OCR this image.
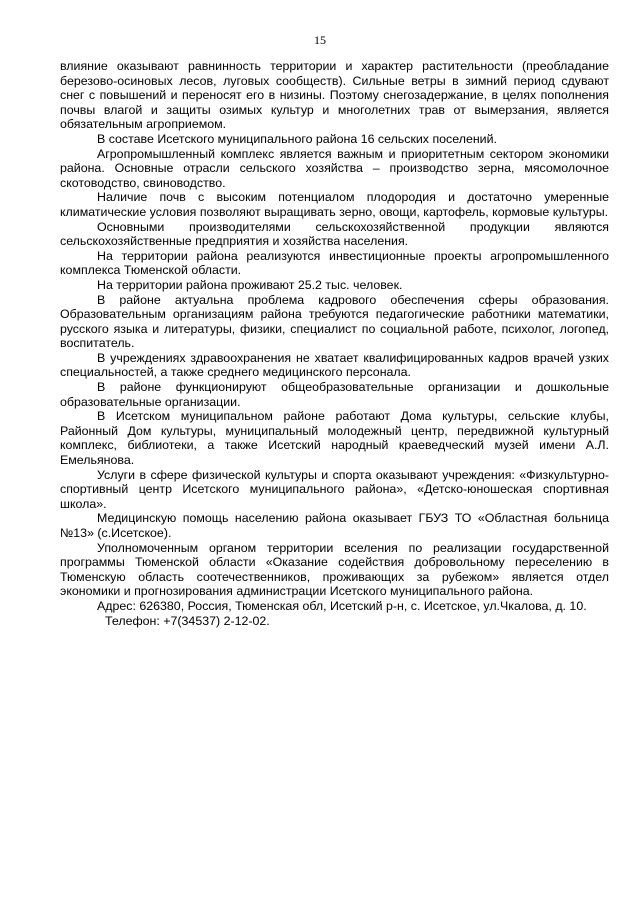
15

влияние оказывают равнинность территории и характер растительности (преобладание березово-осиновых лесов, луговых сообществ). Сильные ветры в зимний период сдувают снег с повышений и переносят его в низины. Поэтому снегозадержание, в целях пополнения почвы влагой и защиты озимых культур и многолетних трав от вымерзания, является обязательным агроприемом.

В составе Исетского муниципального района 16 сельских поселений.

Агропромышленный комплекс является важным и приоритетным сектором экономики района. Основные отрасли сельского хозяйства – производство зерна, мясомолочное скотоводство, свиноводство.

Наличие почв с высоким потенциалом плодородия и достаточно умеренные климатические условия позволяют выращивать зерно, овощи, картофель, кормовые культуры.

Основными производителями сельскохозяйственной продукции являются сельскохозяйственные предприятия и хозяйства населения.

На территории района реализуются инвестиционные проекты агропромышленного комплекса Тюменской области.

На территории района проживают 25.2 тыс. человек.

В районе актуальна проблема кадрового обеспечения сферы образования. Образовательным организациям района требуются педагогические работники математики, русского языка и литературы, физики, специалист по социальной работе, психолог, логопед, воспитатель.

В учреждениях здравоохранения не хватает квалифицированных кадров врачей узких специальностей, а также среднего медицинского персонала.

В районе функционируют общеобразовательные организации и дошкольные образовательные организации.

В Исетском муниципальном районе работают Дома культуры, сельские клубы, Районный Дом культуры, муниципальный молодежный центр, передвижной культурный комплекс, библиотеки, а также Исетский народный краеведческий музей имени А.Л. Емельянова.

Услуги в сфере физической культуры и спорта оказывают учреждения: «Физкультурно-спортивный центр Исетского муниципального района», «Детско-юношеская спортивная школа».

Медицинскую помощь населению района оказывает ГБУЗ ТО «Областная больница №13» (с.Исетское).

Уполномоченным органом территории вселения по реализации государственной программы Тюменской области «Оказание содействия добровольному переселению в Тюменскую область соотечественников, проживающих за рубежом» является отдел экономики и прогнозирования администрации Исетского муниципального района.

Адрес: 626380, Россия, Тюменская обл, Исетский р-н, с. Исетское, ул.Чкалова, д. 10.

Телефон: +7(34537) 2-12-02.
